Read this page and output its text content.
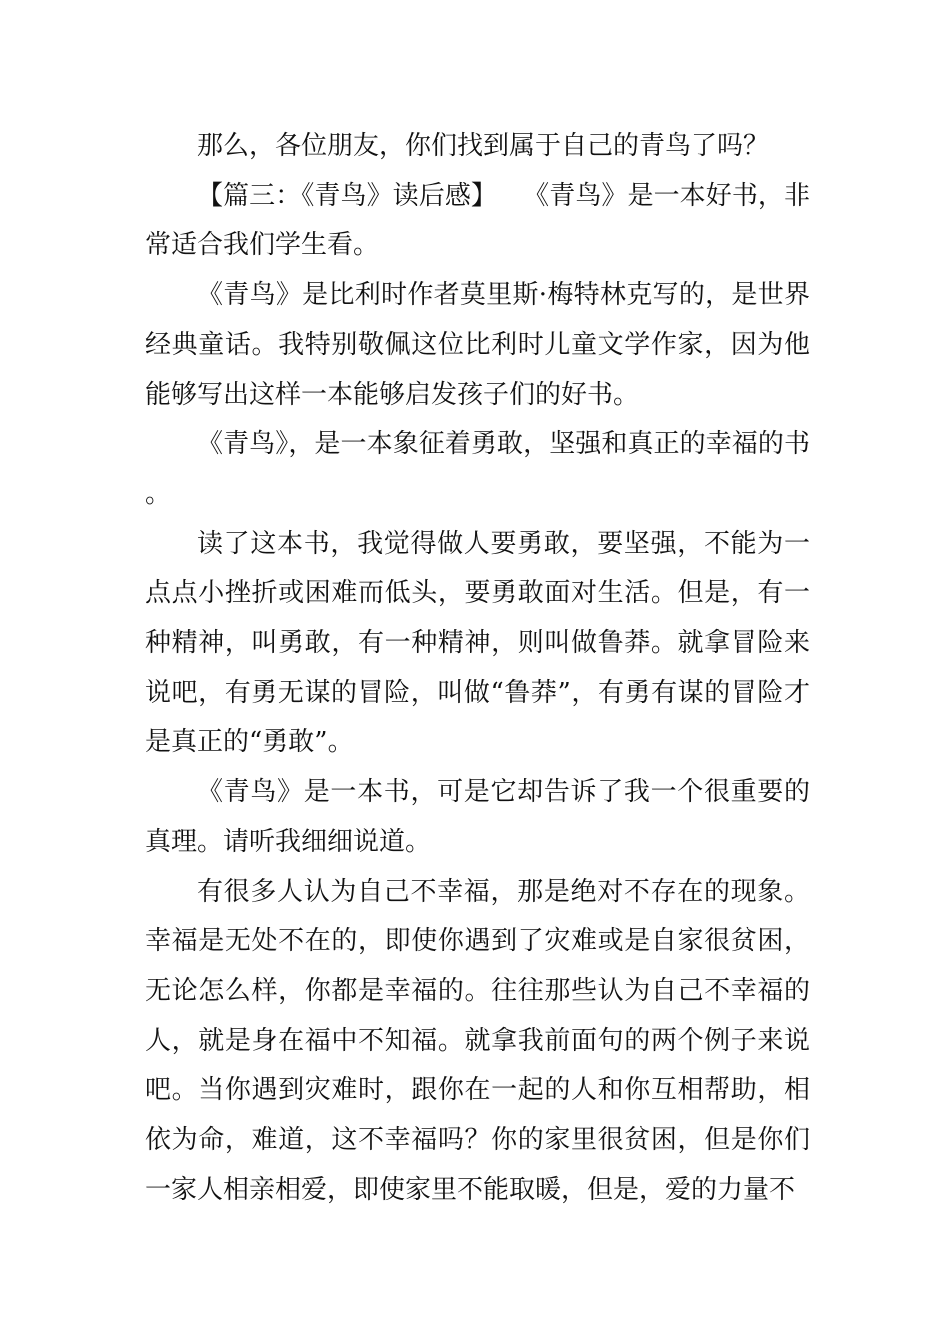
那么，各位朋友，你们找到属于自己的青鸟了吗？

【篇三：《青鸟》读后感】　　《青鸟》是一本好书，非常适合我们学生看。

《青鸟》是比利时作者莫里斯·梅特林克写的，是世界经典童话。我特别敬佩这位比利时儿童文学作家，因为他能够写出这样一本能够启发孩子们的好书。

《青鸟》，是一本象征着勇敢，坚强和真正的幸福的书。

读了这本书，我觉得做人要勇敢，要坚强，不能为一点点小挫折或困难而低头，要勇敢面对生活。但是，有一种精神，叫勇敢，有一种精神，则叫做鲁莽。就拿冒险来说吧，有勇无谋的冒险，叫做“鲁莽”，有勇有谋的冒险才是真正的“勇敢”。

《青鸟》是一本书，可是它却告诉了我一个很重要的真理。请听我细细说道。

有很多人认为自己不幸福，那是绝对不存在的现象。幸福是无处不在的，即使你遇到了灾难或是自家很贫困，无论怎么样，你都是幸福的。往往那些认为自己不幸福的人，就是身在福中不知福。就拿我前面句的两个例子来说吧。当你遇到灾难时，跟你在一起的人和你互相帮助，相依为命，难道，这不幸福吗？你的家里很贫困，但是你们一家人相亲相爱，即使家里不能取暖，但是，爱的力量不
